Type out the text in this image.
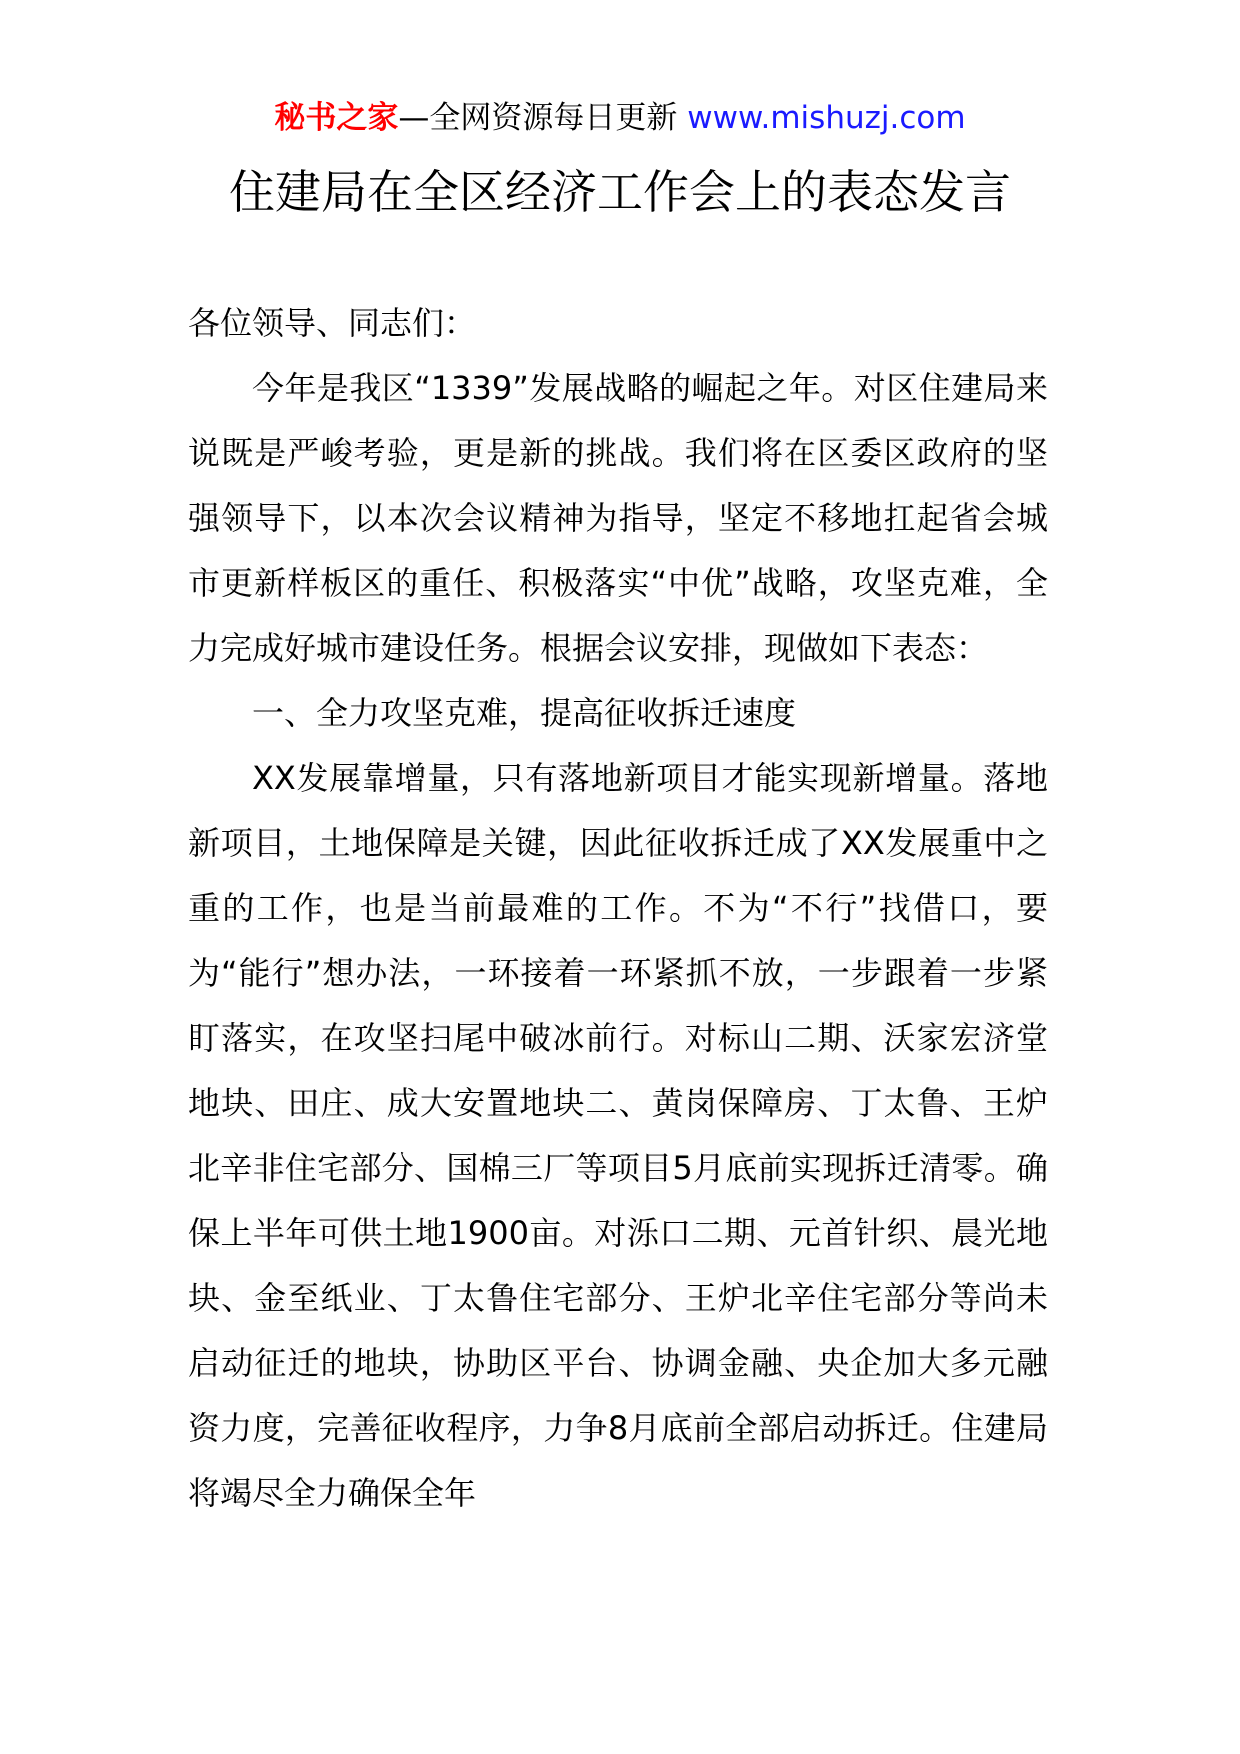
秘书之家—全网资源每日更新 www.mishuzj.com
住建局在全区经济工作会上的表态发言

各位领导、同志们：

今年是我区“1339”发展战略的崛起之年。对区住建局来说既是严峻考验，更是新的挑战。我们将在区委区政府的坚强领导下，以本次会议精神为指导，坚定不移地扛起省会城市更新样板区的重任、积极落实“中优”战略，攻坚克难，全力完成好城市建设任务。根据会议安排，现做如下表态：

一、全力攻坚克难，提高征收拆迁速度

XX发展靠增量，只有落地新项目才能实现新增量。落地新项目，土地保障是关键，因此征收拆迁成了XX发展重中之重的工作，也是当前最难的工作。不为“不行”找借口，要为“能行”想办法，一环接着一环紧抓不放，一步跟着一步紧盯落实，在攻坚扫尾中破冰前行。对标山二期、沃家宏济堂地块、田庄、成大安置地块二、黄岗保障房、丁太鲁、王炉北辛非住宅部分、国棉三厂等项目5月底前实现拆迁清零。确保上半年可供土地1900亩。对泺口二期、元首针织、晨光地块、金至纸业、丁太鲁住宅部分、王炉北辛住宅部分等尚未启动征迁的地块，协助区平台、协调金融、央企加大多元融资力度，完善征收程序，力争8月底前全部启动拆迁。住建局将竭尽全力确保全年
